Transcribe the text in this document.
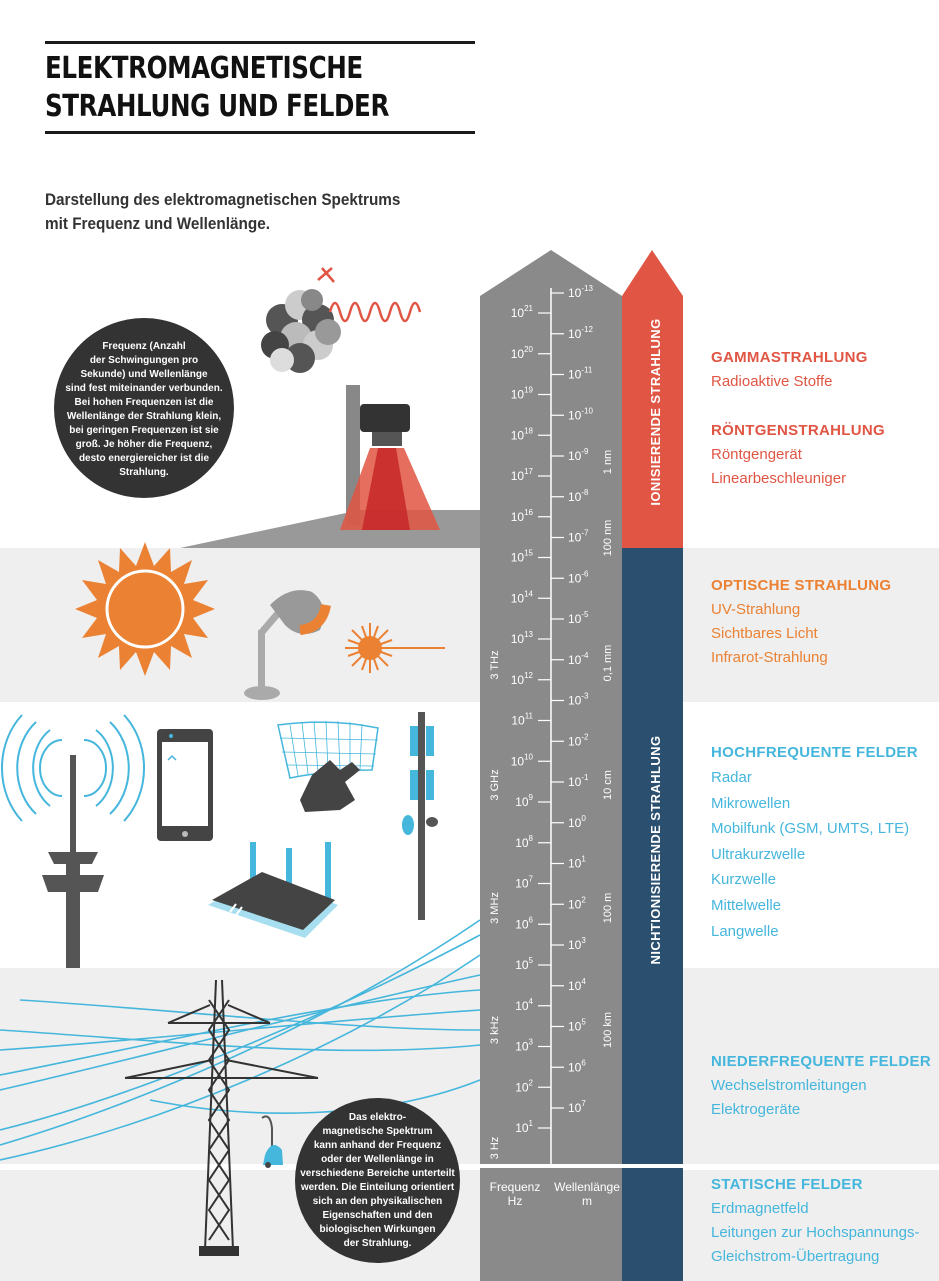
ELEKTROMAGNETISCHE
STRAHLUNG UND FELDER
Darstellung des elektromagnetischen Spektrums
mit Frequenz und Wellenlänge.
Frequenz (Anzahl
der Schwingungen pro
Sekunde) und Wellenlänge
sind fest miteinander verbunden.
Bei hohen Frequenzen ist die
Wellenlänge der Strahlung klein,
bei geringen Frequenzen ist sie
groß. Je höher die Frequenz,
desto energiereicher ist die
Strahlung.
Das elektro-
magnetische Spektrum
kann anhand der Frequenz
oder der Wellenlänge in
verschiedene Bereiche unterteilt
werden. Die Einteilung orientiert
sich an den physikalischen
Eigenschaften und den
biologischen Wirkungen
der Strahlung.
IONISIERENDE STRAHLUNG
NICHTIONISIERENDE STRAHLUNG
$10^{21}$
$10^{20}$
$10^{19}$
$10^{18}$
$10^{17}$
$10^{16}$
$10^{15}$
$10^{14}$
$10^{13}$
$10^{12}$
$10^{11}$
$10^{10}$
$10^9$
$10^8$
$10^7$
$10^6$
$10^5$
$10^4$
$10^3$
$10^2$
$10^1$
$10^{-13}$
$10^{-12}$
$10^{-11}$
$10^{-10}$
$10^{-9}$
$10^{-8}$
$10^{-7}$
$10^{-6}$
$10^{-5}$
$10^{-4}$
$10^{-3}$
$10^{-2}$
$10^{-1}$
$10^0$
$10^1$
$10^2$
$10^3$
$10^4$
$10^5$
$10^6$
$10^7$
3 THz
3 GHz
3 MHz
3 kHz
3 Hz
1 nm
100 nm
0,1 mm
10 cm
100 m
100 km
Frequenz
Hz
Wellenlänge
m
GAMMASTRAHLUNG
Radioaktive Stoffe
RÖNTGENSTRAHLUNG
Röntgengerät
Linearbeschleuniger
OPTISCHE STRAHLUNG
UV-Strahlung
Sichtbares Licht
Infrarot-Strahlung
HOCHFREQUENTE FELDER
Radar
Mikrowellen
Mobilfunk (GSM, UMTS, LTE)
Ultrakurzwelle
Kurzwelle
Mittelwelle
Langwelle
NIEDERFREQUENTE FELDER
Wechselstromleitungen
Elektrogeräte
STATISCHE FELDER
Erdmagnetfeld
Leitungen zur Hochspannungs-
Gleichstrom-Übertragung
